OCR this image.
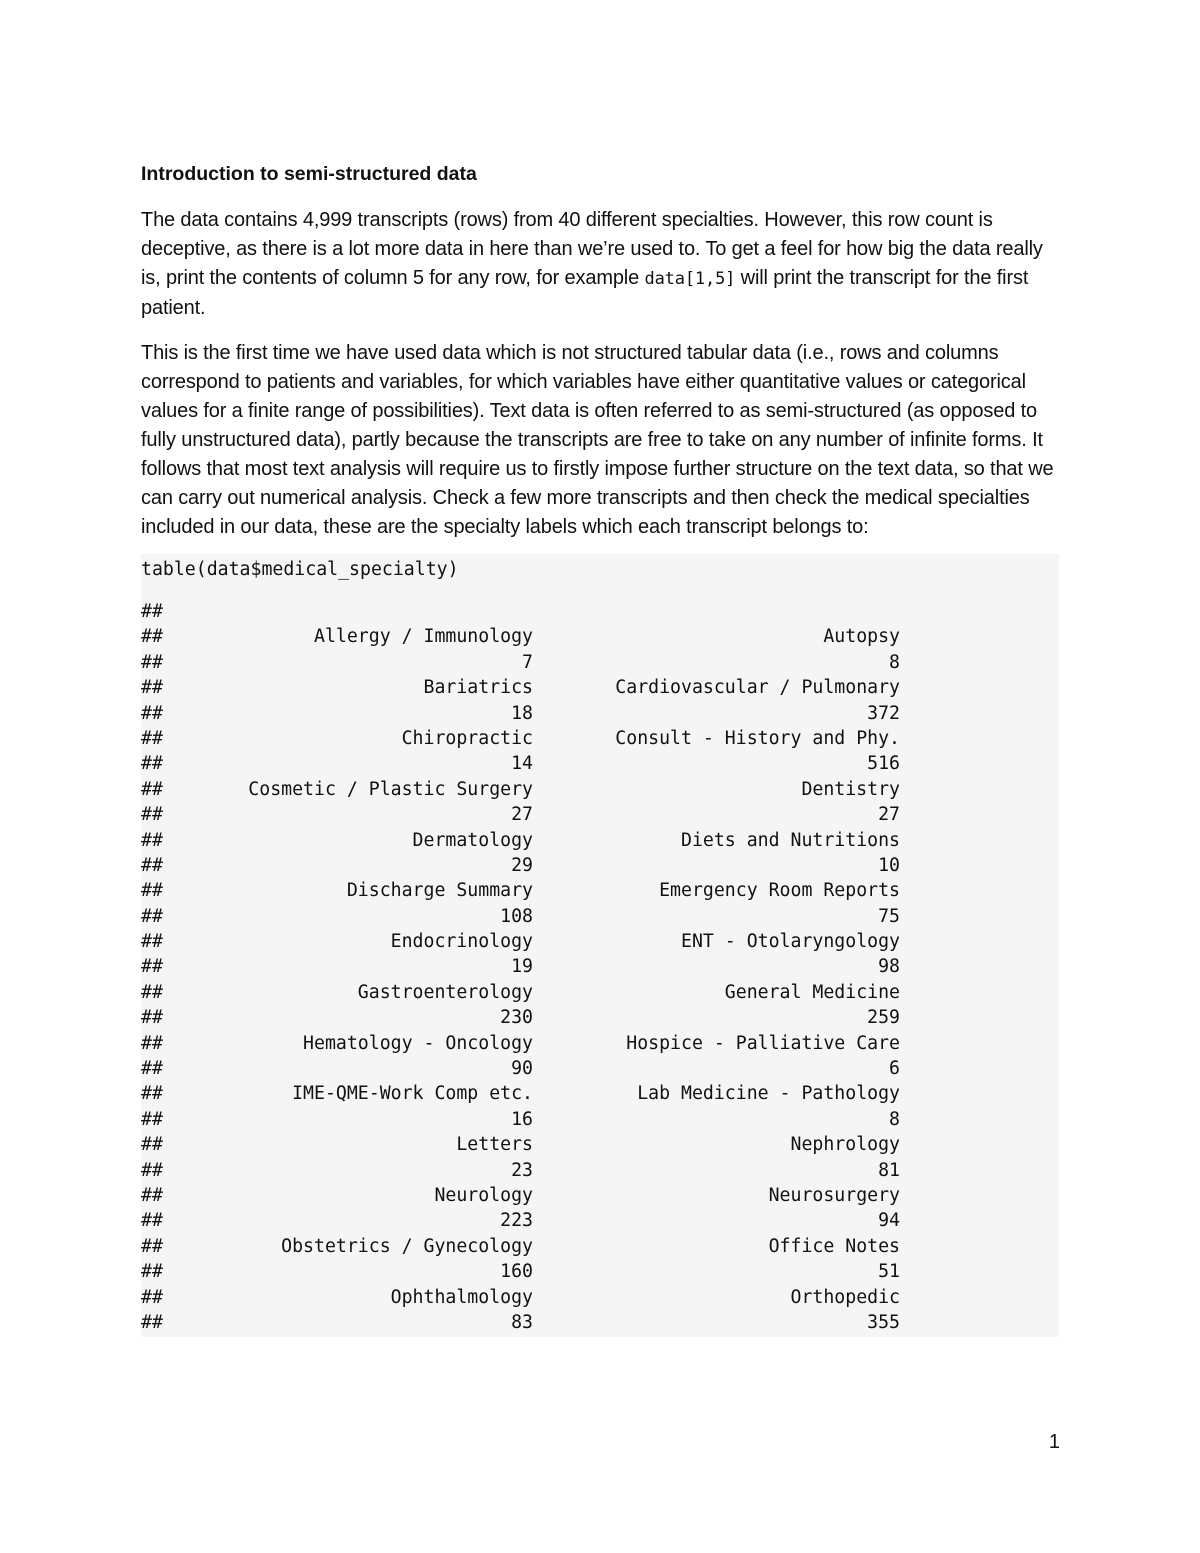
Introduction to semi-structured data

The data contains 4,999 transcripts (rows) from 40 different specialties. However, this row count is deceptive, as there is a lot more data in here than we’re used to. To get a feel for how big the data really is, print the contents of column 5 for any row, for example data[1,5] will print the transcript for the first patient.

This is the first time we have used data which is not structured tabular data (i.e., rows and columns correspond to patients and variables, for which variables have either quantitative values or categorical values for a finite range of possibilities). Text data is often referred to as semi-structured (as opposed to fully unstructured data), partly because the transcripts are free to take on any number of infinite forms. It follows that most text analysis will require us to firstly impose further structure on the text data, so that we can carry out numerical analysis. Check a few more transcripts and then check the medical specialties included in our data, these are the specialty labels which each transcript belongs to:

table(data$medical_specialty)
##
##	Allergy / Immunology	Autopsy
##	7	8
##	Bariatrics	Cardiovascular / Pulmonary
##	18	372
##	Chiropractic	Consult - History and Phy.
##	14	516
##	Cosmetic / Plastic Surgery	Dentistry
##	27	27
##	Dermatology	Diets and Nutritions
##	29	10
##	Discharge Summary	Emergency Room Reports
##	108	75
##	Endocrinology	ENT - Otolaryngology
##	19	98
##	Gastroenterology	General Medicine
##	230	259
##	Hematology - Oncology	Hospice - Palliative Care
##	90	6
##	IME-QME-Work Comp etc.	Lab Medicine - Pathology
##	16	8
##	Letters	Nephrology
##	23	81
##	Neurology	Neurosurgery
##	223	94
##	Obstetrics / Gynecology	Office Notes
##	160	51
##	Ophthalmology	Orthopedic
##	83	355
1
